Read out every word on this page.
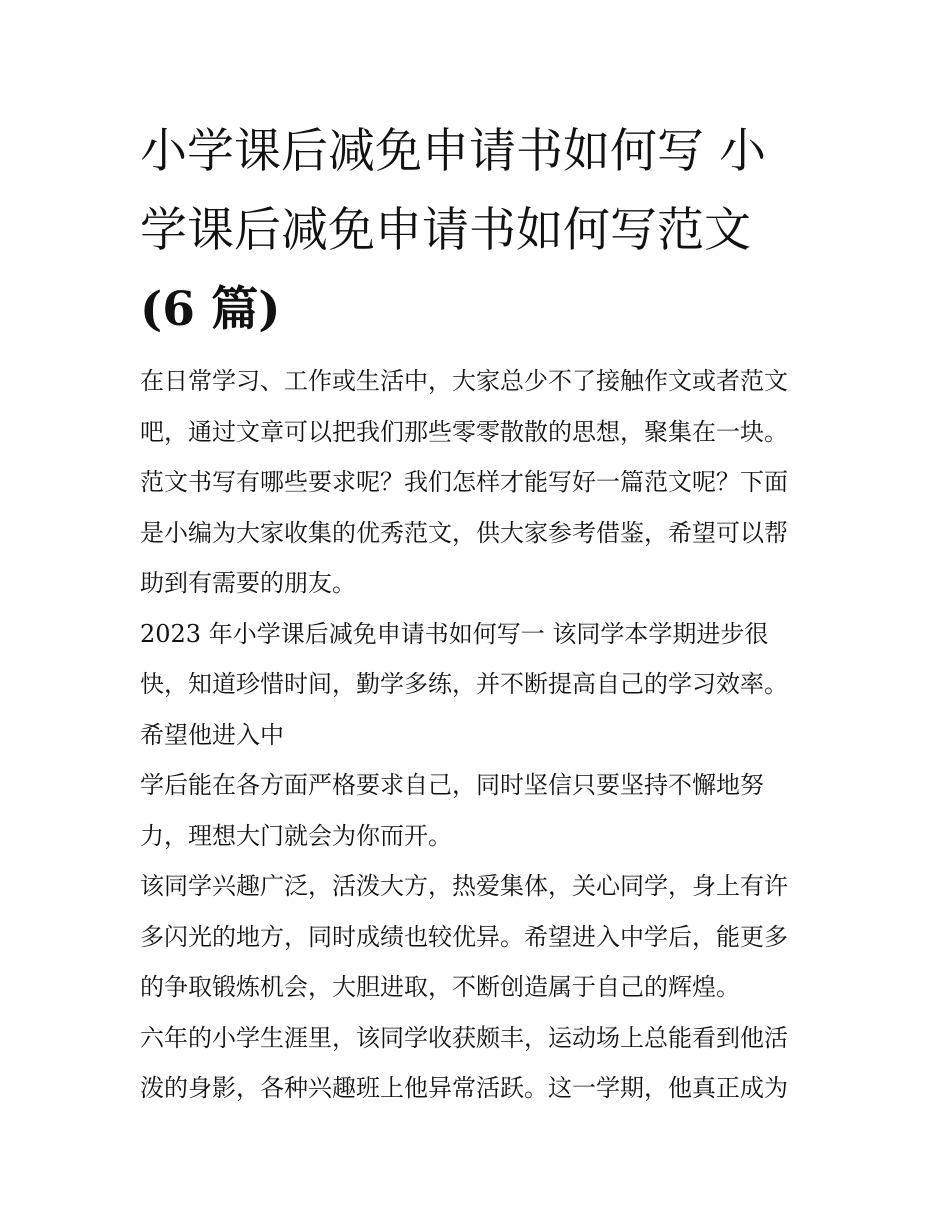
小学课后减免申请书如何写 小
学课后减免申请书如何写范文
(6 篇)
在日常学习、工作或生活中，大家总少不了接触作文或者范文
吧，通过文章可以把我们那些零零散散的思想，聚集在一块。
范文书写有哪些要求呢？我们怎样才能写好一篇范文呢？下面
是小编为大家收集的优秀范文，供大家参考借鉴，希望可以帮
助到有需要的朋友。
2023 年小学课后减免申请书如何写一 该同学本学期进步很
快，知道珍惜时间，勤学多练，并不断提高自己的学习效率。
希望他进入中
学后能在各方面严格要求自己，同时坚信只要坚持不懈地努
力，理想大门就会为你而开。
该同学兴趣广泛，活泼大方，热爱集体，关心同学，身上有许
多闪光的地方，同时成绩也较优异。希望进入中学后，能更多
的争取锻炼机会，大胆进取，不断创造属于自己的辉煌。
六年的小学生涯里，该同学收获颇丰，运动场上总能看到他活
泼的身影，各种兴趣班上他异常活跃。这一学期，他真正成为
